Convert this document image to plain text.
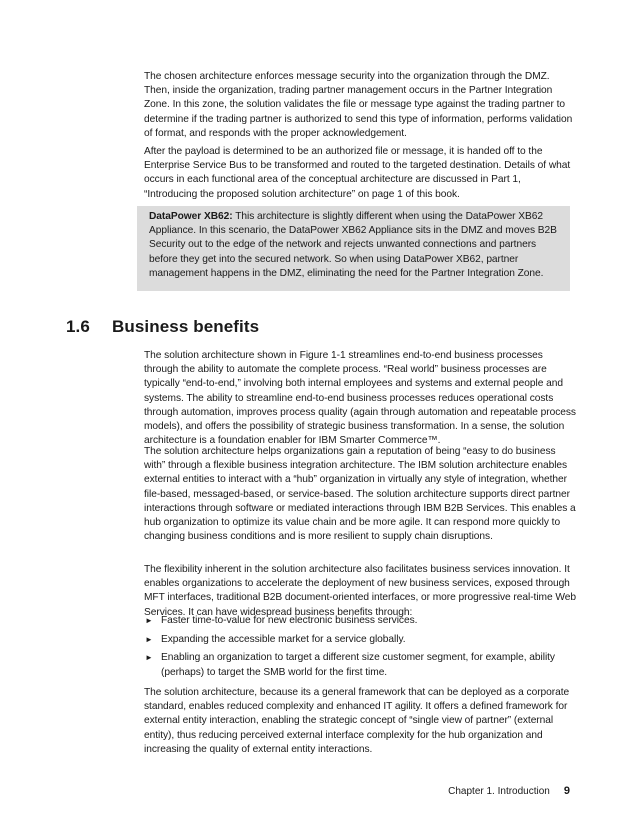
The chosen architecture enforces message security into the organization through the DMZ. Then, inside the organization, trading partner management occurs in the Partner Integration Zone. In this zone, the solution validates the file or message type against the trading partner to determine if the trading partner is authorized to send this type of information, performs validation of format, and responds with the proper acknowledgement.

After the payload is determined to be an authorized file or message, it is handed off to the Enterprise Service Bus to be transformed and routed to the targeted destination. Details of what occurs in each functional area of the conceptual architecture are discussed in Part 1, “Introducing the proposed solution architecture” on page 1 of this book.

DataPower XB62: This architecture is slightly different when using the DataPower XB62 Appliance. In this scenario, the DataPower XB62 Appliance sits in the DMZ and moves B2B Security out to the edge of the network and rejects unwanted connections and partners before they get into the secured network. So when using DataPower XB62, partner management happens in the DMZ, eliminating the need for the Partner Integration Zone.
1.6 Business benefits

The solution architecture shown in Figure 1-1 streamlines end-to-end business processes through the ability to automate the complete process. “Real world” business processes are typically “end-to-end,” involving both internal employees and systems and external people and systems. The ability to streamline end-to-end business processes reduces operational costs through automation, improves process quality (again through automation and repeatable process models), and offers the possibility of strategic business transformation. In a sense, the solution architecture is a foundation enabler for IBM Smarter Commerce™.

The solution architecture helps organizations gain a reputation of being “easy to do business with” through a flexible business integration architecture. The IBM solution architecture enables external entities to interact with a “hub” organization in virtually any style of integration, whether file-based, messaged-based, or service-based. The solution architecture supports direct partner interactions through software or mediated interactions through IBM B2B Services. This enables a hub organization to optimize its value chain and be more agile. It can respond more quickly to changing business conditions and is more resilient to supply chain disruptions.

The flexibility inherent in the solution architecture also facilitates business services innovation. It enables organizations to accelerate the deployment of new business services, exposed through MFT interfaces, traditional B2B document-oriented interfaces, or more progressive real-time Web Services. It can have widespread business benefits through:

► Faster time-to-value for new electronic business services.
► Expanding the accessible market for a service globally.
► Enabling an organization to target a different size customer segment, for example, ability (perhaps) to target the SMB world for the first time.

The solution architecture, because its a general framework that can be deployed as a corporate standard, enables reduced complexity and enhanced IT agility. It offers a defined framework for external entity interaction, enabling the strategic concept of “single view of partner” (external entity), thus reducing perceived external interface complexity for the hub organization and increasing the quality of external entity interactions.

Chapter 1. Introduction 9
